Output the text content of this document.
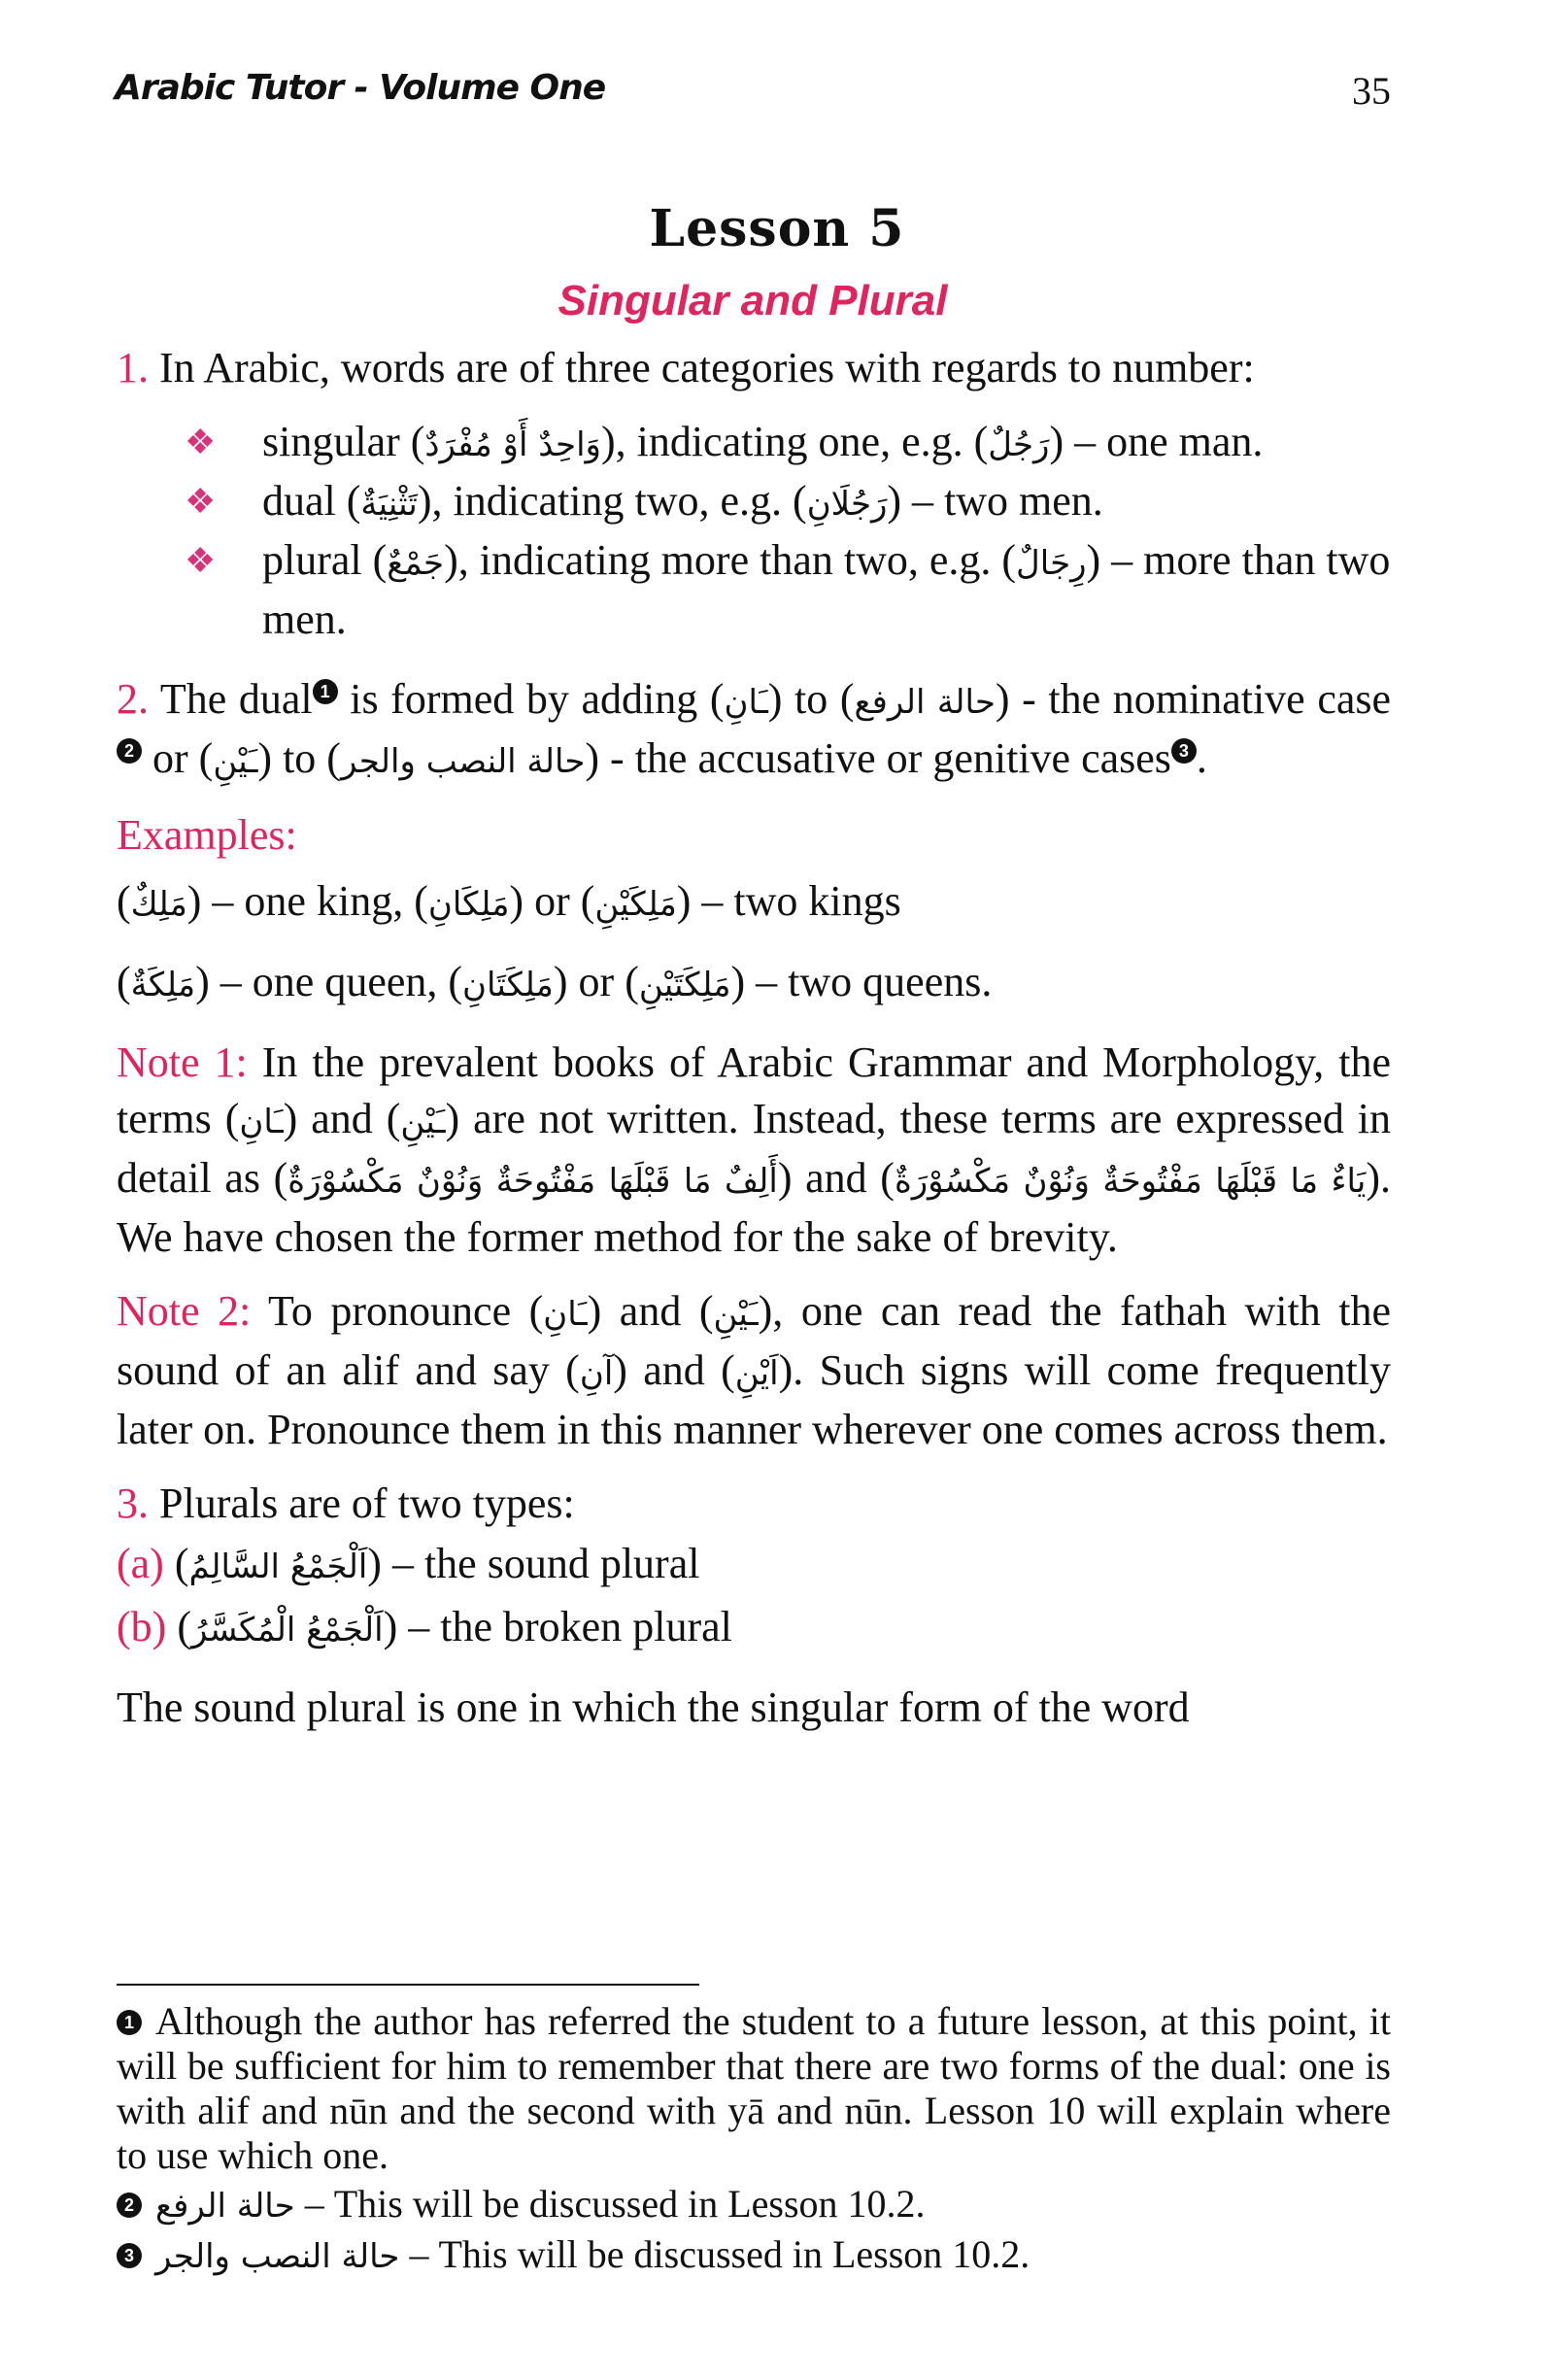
Arabic Tutor - Volume One	35
Lesson 5
Singular and Plural

1. In Arabic, words are of three categories with regards to number:

❖ singular (وَاحِدٌ أَوْ مُفْرَدٌ), indicating one, e.g. (رَجُلٌ) – one man.
❖ dual (تَثْنِيَةٌ), indicating two, e.g. (رَجُلَانِ) – two men.
❖ plural (جَمْعٌ), indicating more than two, e.g. (رِجَالٌ) – more than two men.

2. The dual 1 is formed by adding (ـَانِ) to (حالة الرفع) - the nominative case2 or (ـَيْنِ) to (حالة النصب والجر) - the accusative or genitive cases 3 .

Examples:

(مَلِكٌ) – one king, (مَلِكَانِ) or (مَلِكَيْنِ) – two kings

(مَلِكَةٌ) – one queen, (مَلِكَتَانِ) or (مَلِكَتَيْنِ) – two queens.

Note 1: In the prevalent books of Arabic Grammar and Morphology, the terms (ـَانِ) and (ـَيْنِ) are not written. Instead, these terms are expressed in detail as (أَلِفٌ مَا قَبْلَهَا مَفْتُوحَةٌ وَنُوْنٌ مَكْسُوْرَةٌ) and (يَاءٌ مَا قَبْلَهَا مَفْتُوحَةٌ وَنُوْنٌ مَكْسُوْرَةٌ). We have chosen the former method for the sake of brevity.

Note 2: To pronounce (ـَانِ) and (ـَيْنِ), one can read the fathah with the sound of an alif and say (آنِ) and (اَيْنِ). Such signs will come frequently later on. Pronounce them in this manner wherever one comes across them.

3. Plurals are of two types:

(a) (اَلْجَمْعُ السَّالِمُ) – the sound plural

(b) (اَلْجَمْعُ الْمُكَسَّرُ) – the broken plural

The sound plural is one in which the singular form of the word

1 Although the author has referred the student to a future lesson, at this point, it will be sufficient for him to remember that there are two forms of the dual: one is with alif and nūn and the second with yā and nūn. Lesson 10 will explain where to use which one.

2 حالة الرفع – This will be discussed in Lesson 10.2.

3 حالة النصب والجر – This will be discussed in Lesson 10.2.
